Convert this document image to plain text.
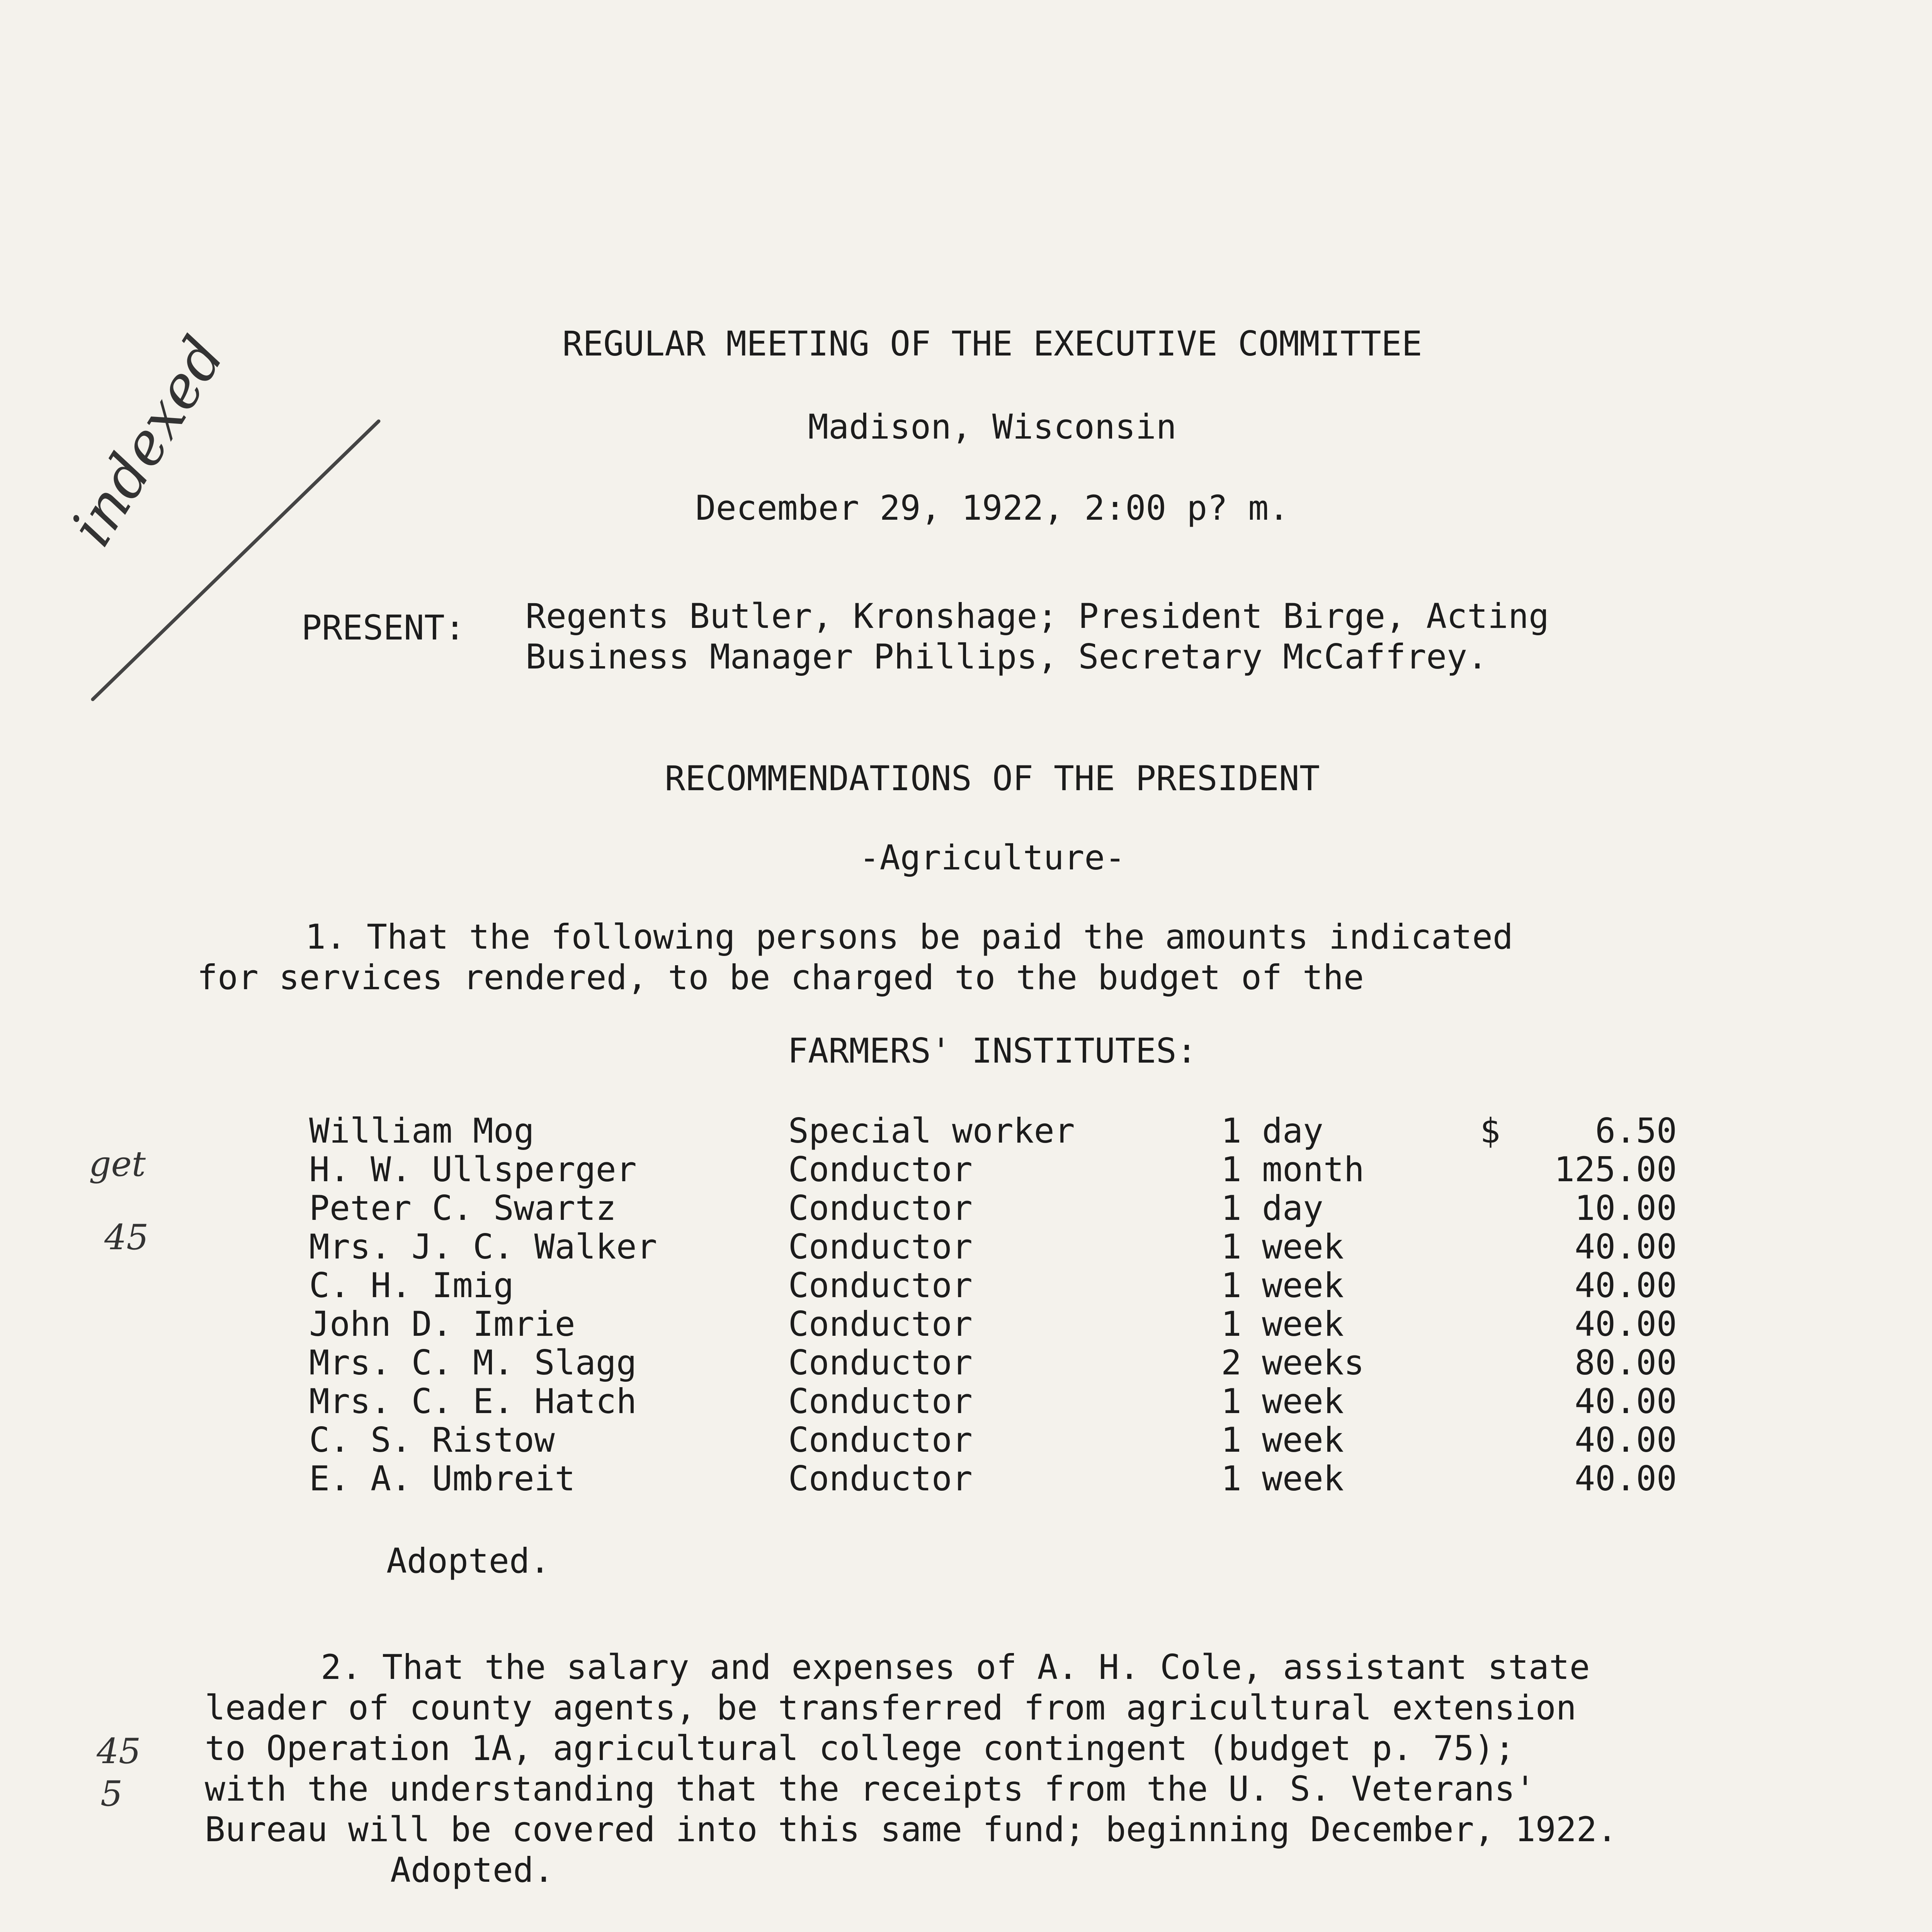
REGULAR MEETING OF THE EXECUTIVE COMMITTEE
Madison, Wisconsin
December 29, 1922, 2:00 p? m.
PRESENT: Regents Butler, Kronshage; President Birge, Acting
Business Manager Phillips, Secretary McCaffrey.
RECOMMENDATIONS OF THE PRESIDENT
-Agriculture-
1. That the following persons be paid the amounts indicated
for services rendered, to be charged to the budget of the
FARMERS' INSTITUTES:
William Mog	Special worker	1 day	$	6.50
H. W. Ullsperger	Conductor	1 month	125.00
Peter C. Swartz	Conductor	1 day	10.00
Mrs. J. C. Walker	Conductor	1 week	40.00
C. H. Imig	Conductor	1 week	40.00
John D. Imrie	Conductor	1 week	40.00
Mrs. C. M. Slagg	Conductor	2 weeks	80.00
Mrs. C. E. Hatch	Conductor	1 week	40.00
C. S. Ristow	Conductor	1 week	40.00
E. A. Umbreit	Conductor	1 week	40.00
Adopted.
2. That the salary and expenses of A. H. Cole, assistant state
leader of county agents, be transferred from agricultural extension
to Operation 1A, agricultural college contingent (budget p. 75);
with the understanding that the receipts from the U. S. Veterans'
Bureau will be covered into this same fund; beginning December, 1922.
Adopted.
indexed
get
45
45
5
